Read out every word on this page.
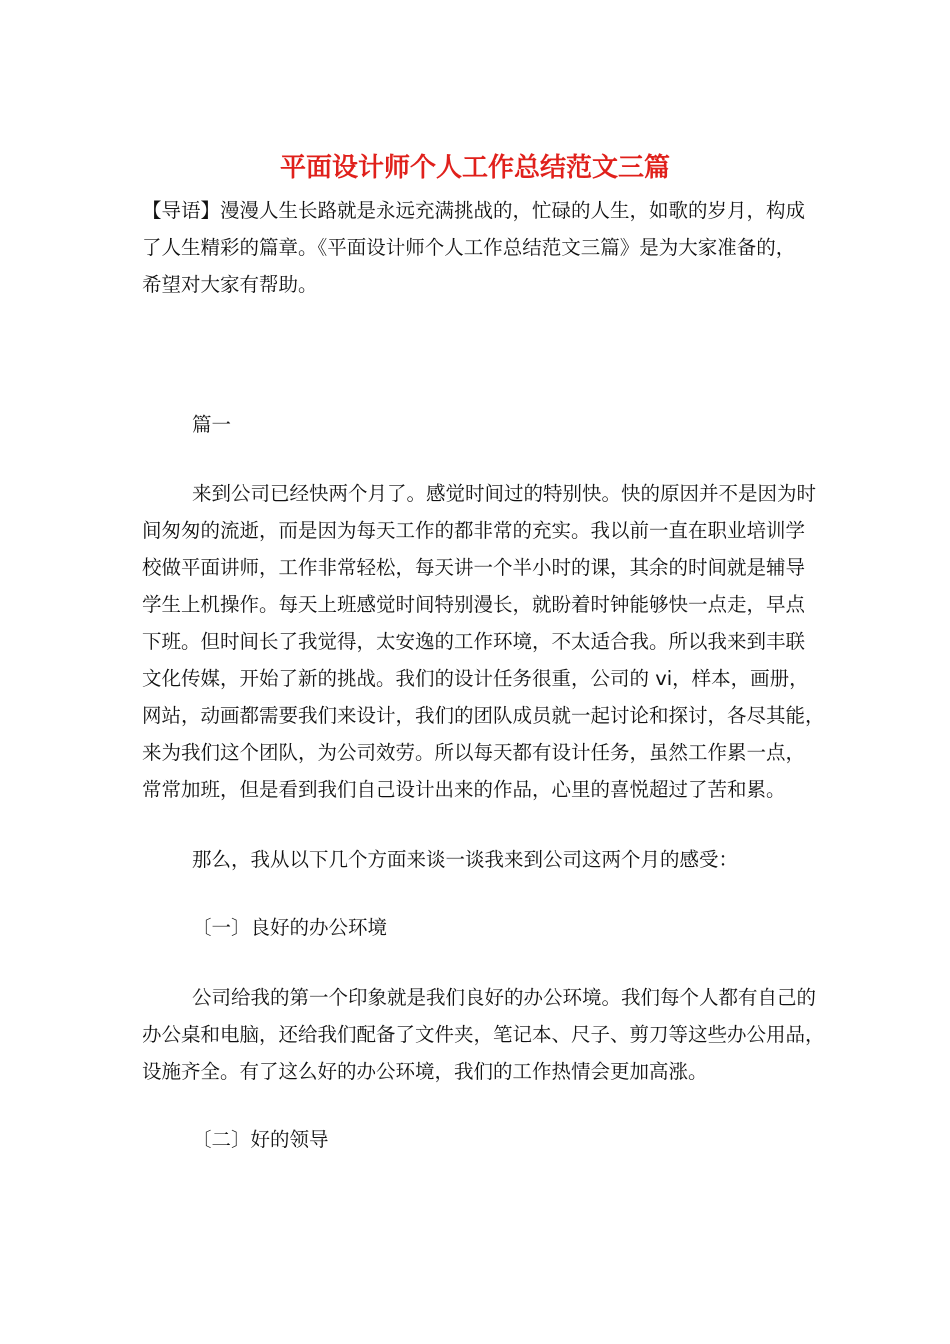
平面设计师个人工作总结范文三篇

【导语】漫漫人生长路就是永远充满挑战的，忙碌的人生，如歌的岁月，构成
了人生精彩的篇章。《平面设计师个人工作总结范文三篇》是为大家准备的，
希望对大家有帮助。

篇一

来到公司已经快两个月了。感觉时间过的特别快。快的原因并不是因为时
间匆匆的流逝，而是因为每天工作的都非常的充实。我以前一直在职业培训学
校做平面讲师，工作非常轻松，每天讲一个半小时的课，其余的时间就是辅导
学生上机操作。每天上班感觉时间特别漫长，就盼着时钟能够快一点走，早点
下班。但时间长了我觉得，太安逸的工作环境，不太适合我。所以我来到丰联
文化传媒，开始了新的挑战。我们的设计任务很重，公司的 vi，样本，画册，
网站，动画都需要我们来设计，我们的团队成员就一起讨论和探讨，各尽其能，
来为我们这个团队，为公司效劳。所以每天都有设计任务，虽然工作累一点，
常常加班，但是看到我们自己设计出来的作品，心里的喜悦超过了苦和累。

那么，我从以下几个方面来谈一谈我来到公司这两个月的感受：

〔一〕良好的办公环境

公司给我的第一个印象就是我们良好的办公环境。我们每个人都有自己的
办公桌和电脑，还给我们配备了文件夹，笔记本、尺子、剪刀等这些办公用品，
设施齐全。有了这么好的办公环境，我们的工作热情会更加高涨。

〔二〕好的领导
